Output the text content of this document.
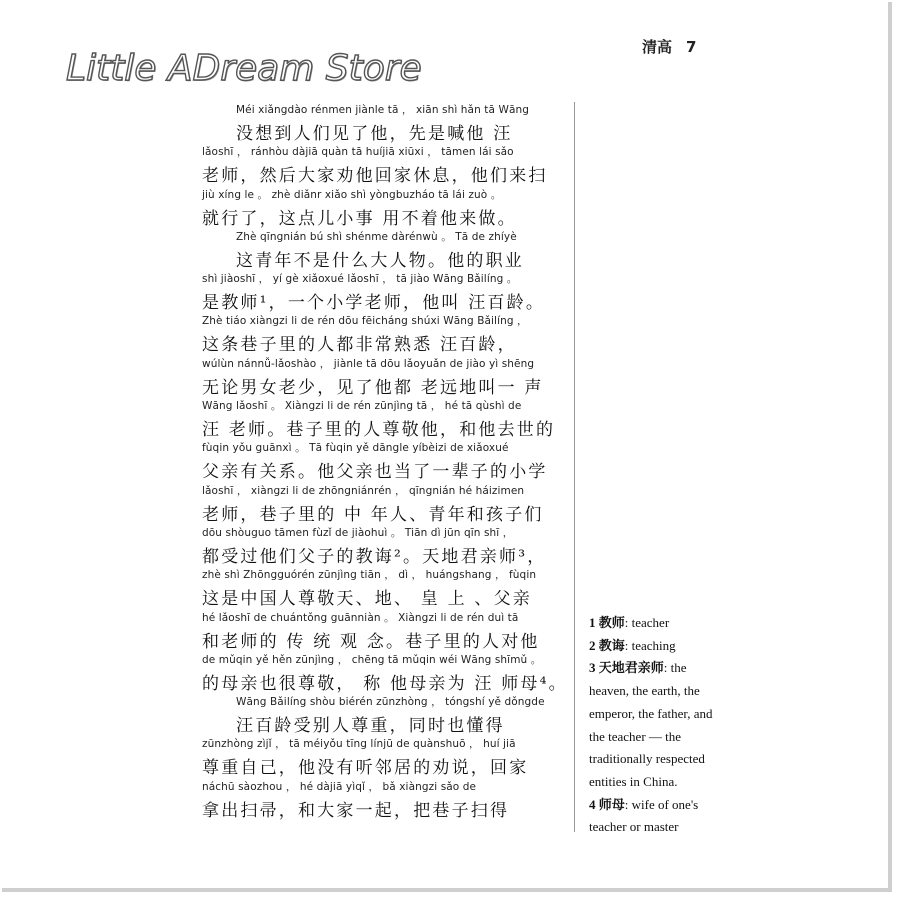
Little ADream Store
清高 7
Méi xiǎngdào rénmen jiànle tā ， xiān shì hǎn tā Wāng
没想到人们见了他，先是喊他 汪
lǎoshī ， ránhòu dàjiā quàn tā huíjiā xiūxi ， tāmen lái sǎo
老师，然后大家劝他回家休息，他们来扫
jiù xíng le 。 zhè diǎnr xiǎo shì yòngbuzháo tā lái zuò 。
就行了，这点儿小事 用不着他来做。
Zhè qīngnián bú shì shénme dàrénwù 。 Tā de zhíyè
这青年不是什么大人物。他的职业
shì jiàoshī ， yí gè xiǎoxué lǎoshī ， tā jiào Wāng Bǎilíng 。
是教师¹，一个小学老师，他叫 汪百龄。
Zhè tiáo xiàngzi li de rén dōu fēicháng shúxi Wāng Bǎilíng ，
这条巷子里的人都非常熟悉 汪百龄，
wúlùn nánnǚ-lǎoshào ， jiànle tā dōu lǎoyuǎn de jiào yì shēng
无论男女老少，见了他都 老远地叫一 声
Wāng lǎoshī 。 Xiàngzi li de rén zūnjìng tā ， hé tā qùshì de
汪 老师。巷子里的人尊敬他，和他去世的
fùqin yǒu guānxì 。 Tā fùqin yě dāngle yíbèizi de xiǎoxué
父亲有关系。他父亲也当了一辈子的小学
lǎoshī ， xiàngzi li de zhōngniánrén ， qīngnián hé háizimen
老师，巷子里的 中 年人、青年和孩子们
dōu shòuguo tāmen fùzǐ de jiàohuì 。 Tiān dì jūn qīn shī ，
都受过他们父子的教诲²。天地君亲师³，
zhè shì Zhōngguórén zūnjìng tiān ， dì ， huángshang ， fùqin
这是中国人尊敬天、地、 皇 上 、父亲
hé lǎoshī de chuántǒng guānniàn 。 Xiàngzi li de rén duì tā
和老师的 传 统 观 念。巷子里的人对他
de mǔqin yě hěn zūnjìng ， chēng tā mǔqin wéi Wāng shīmǔ 。
的母亲也很尊敬， 称 他母亲为 汪 师母⁴。
Wāng Bǎilíng shòu biérén zūnzhòng ， tóngshí yě dǒngde
汪百龄受别人尊重，同时也懂得
zūnzhòng zìjǐ ， tā méiyǒu tīng línjū de quànshuō ， huí jiā
尊重自己，他没有听邻居的劝说，回家
náchū sàozhou ， hé dàjiā yìqǐ ， bǎ xiàngzi sǎo de
拿出扫帚，和大家一起，把巷子扫得
1 教师: teacher
2 教诲: teaching
3 天地君亲师: the heaven, the earth, the emperor, the father, and the teacher — the traditionally respected entities in China.
4 师母: wife of one's teacher or master
